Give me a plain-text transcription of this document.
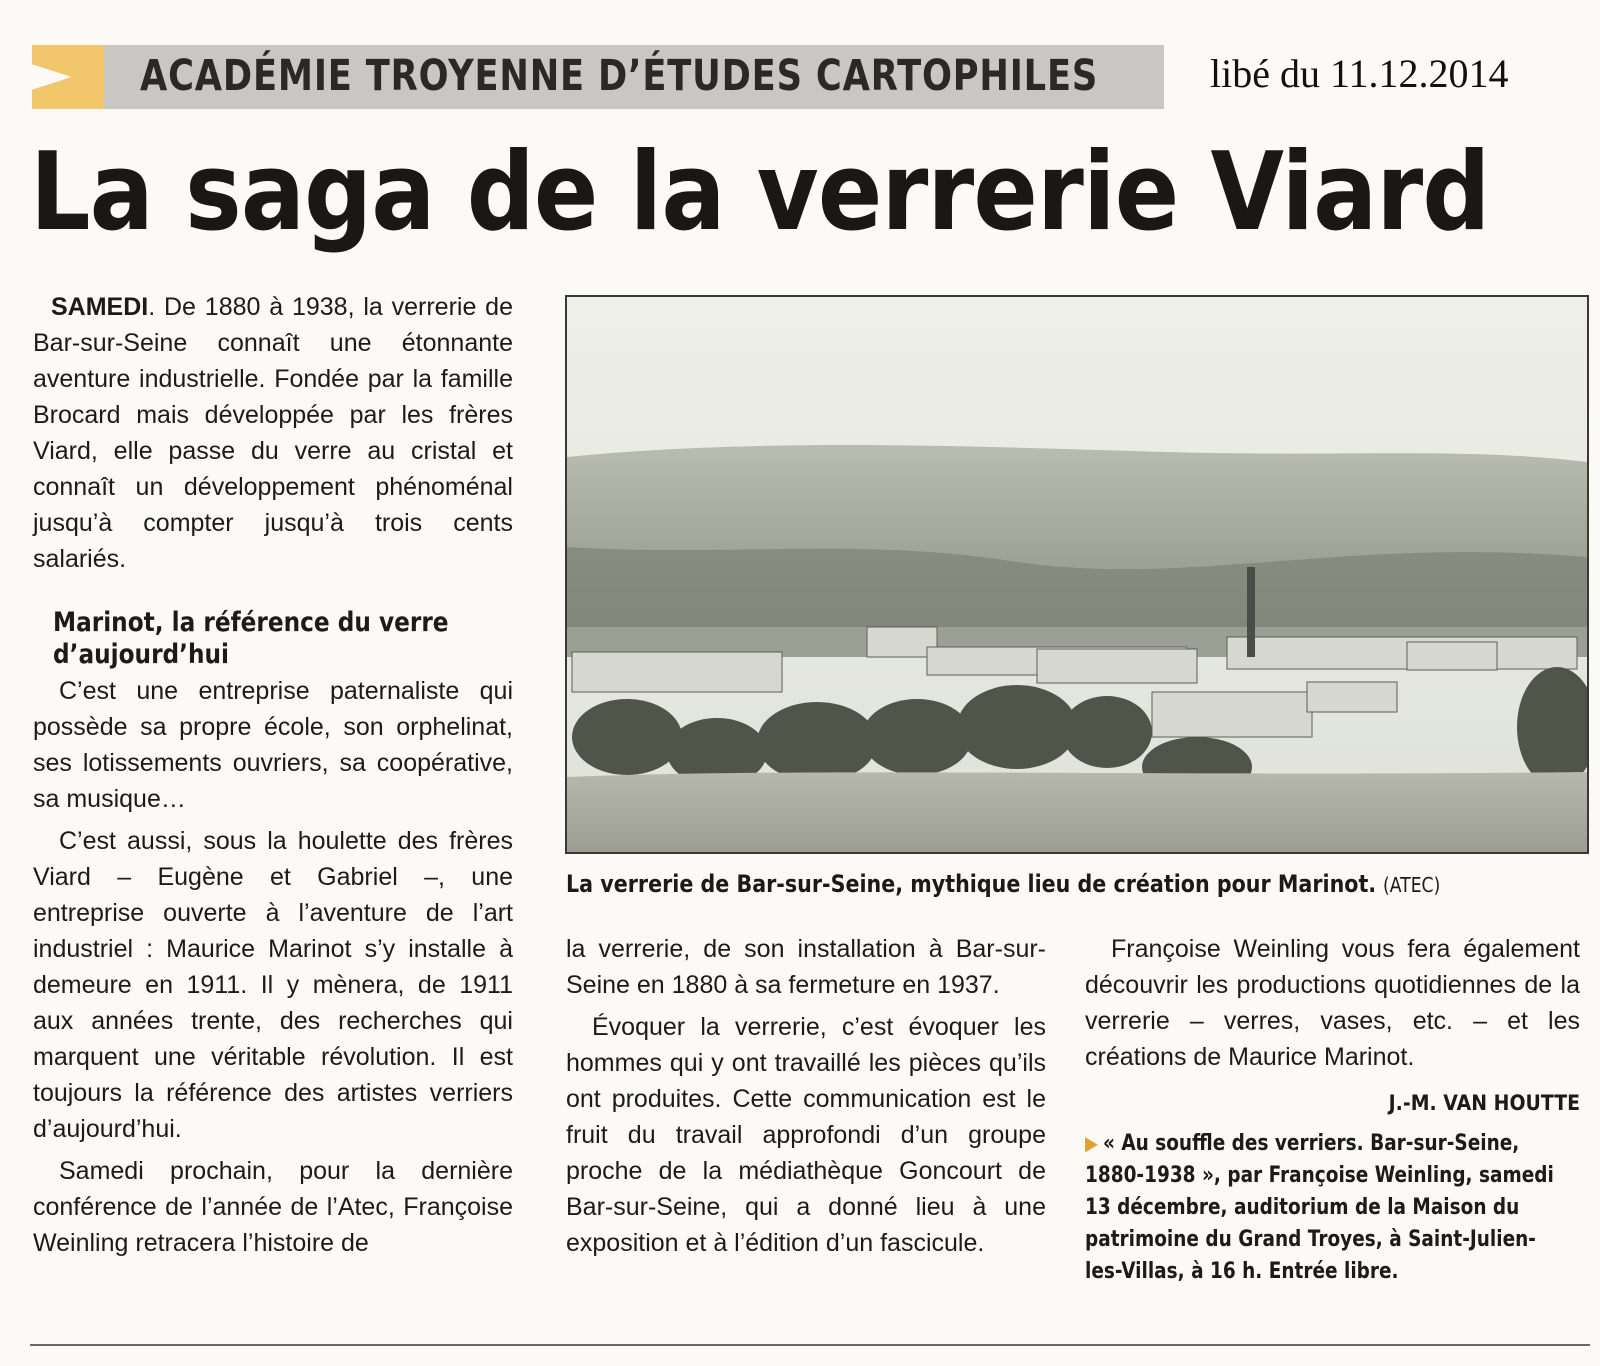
ACADÉMIE TROYENNE D’ÉTUDES CARTOPHILES	libé du 11.12.2014
La saga de la verrerie Viard

SAMEDI. De 1880 à 1938, la verrerie de Bar-sur-Seine connaît une étonnante aventure industrielle. Fondée par la famille Brocard mais développée par les frères Viard, elle passe du verre au cristal et connaît un développement phénoménal jusqu’à compter jusqu’à trois cents salariés.

Marinot, la référence du verre d’aujourd’hui

C’est une entreprise paternaliste qui possède sa propre école, son orphelinat, ses lotissements ouvriers, sa coopérative, sa musique…

C’est aussi, sous la houlette des frères Viard – Eugène et Gabriel –, une entreprise ouverte à l’aventure de l’art industriel : Maurice Marinot s’y installe à demeure en 1911. Il y mènera, de 1911 aux années trente, des recherches qui marquent une véritable révolution. Il est toujours la référence des artistes verriers d’aujourd’hui.

Samedi prochain, pour la dernière conférence de l’année de l’Atec, Françoise Weinling retracera l’histoire de

La verrerie de Bar-sur-Seine, mythique lieu de création pour Marinot. (ATEC)

la verrerie, de son installation à Bar-sur-Seine en 1880 à sa fermeture en 1937.

Évoquer la verrerie, c’est évoquer les hommes qui y ont travaillé les pièces qu’ils ont produites. Cette communication est le fruit du travail approfondi d’un groupe proche de la médiathèque Goncourt de Bar-sur-Seine, qui a donné lieu à une exposition et à l’édition d’un fascicule.

Françoise Weinling vous fera également découvrir les productions quotidiennes de la verrerie – verres, vases, etc. – et les créations de Maurice Marinot.

J.-M. VAN HOUTTE
▶ « Au souffle des verriers. Bar-sur-Seine, 1880-1938 », par Françoise Weinling, samedi 13 décembre, auditorium de la Maison du patrimoine du Grand Troyes, à Saint-Julien-les-Villas, à 16 h. Entrée libre.
